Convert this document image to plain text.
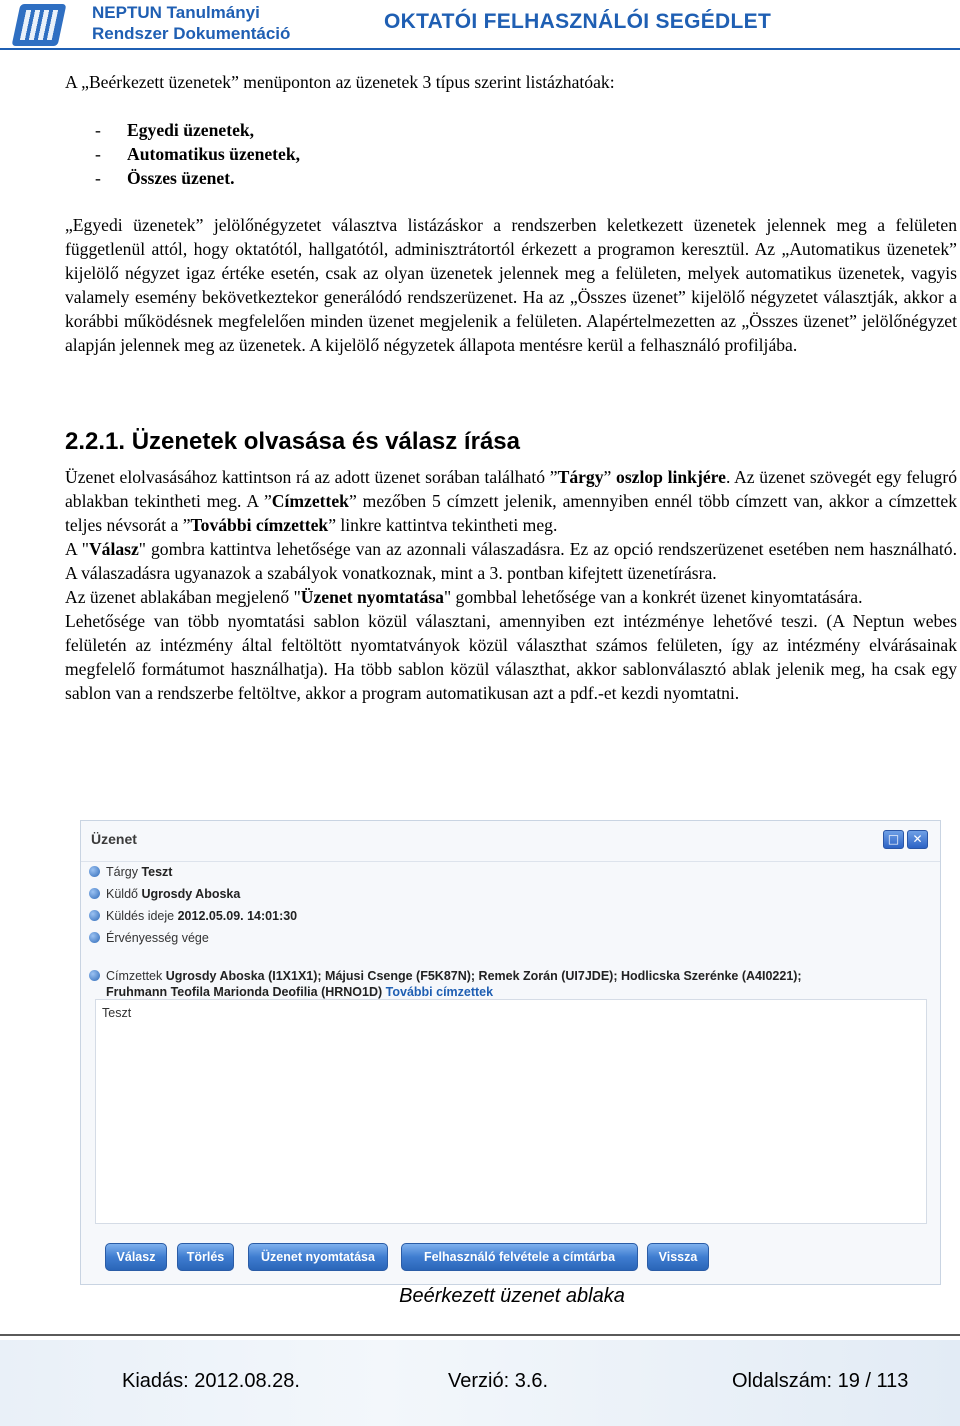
NEPTUN Tanulmányi
Rendszer Dokumentáció
OKTATÓI FELHASZNÁLÓI SEGÉDLET
A „Beérkezett üzenetek” menüponton az üzenetek 3 típus szerint listázhatóak:
- Egyedi üzenetek,
- Automatikus üzenetek,
- Összes üzenet.
„Egyedi üzenetek” jelölőnégyzetet választva listázáskor a rendszerben keletkezett üzenetek jelennek meg a felületen függetlenül attól, hogy oktatótól, hallgatótól, adminisztrátortól érkezett a programon keresztül. Az „Automatikus üzenetek” kijelölő négyzet igaz értéke esetén, csak az olyan üzenetek jelennek meg a felületen, melyek automatikus üzenetek, vagyis valamely esemény bekövetkeztekor generálódó rendszerüzenet. Ha az „Összes üzenet” kijelölő négyzetet választják, akkor a korábbi működésnek megfelelően minden üzenet megjelenik a felületen. Alapértelmezetten az „Összes üzenet” jelölőnégyzet alapján jelennek meg az üzenetek. A kijelölő négyzetek állapota mentésre kerül a felhasználó profiljába.
2.2.1. Üzenetek olvasása és válasz írása
Üzenet elolvasásához kattintson rá az adott üzenet sorában található ”Tárgy” oszlop linkjére. Az üzenet szövegét egy felugró ablakban tekintheti meg. A ”Címzettek” mezőben 5 címzett jelenik, amennyiben ennél több címzett van, akkor a címzettek teljes névsorát a ”További címzettek” linkre kattintva tekintheti meg.
A "Válasz" gombra kattintva lehetősége van az azonnali válaszadásra. Ez az opció rendszerüzenet esetében nem használható. A válaszadásra ugyanazok a szabályok vonatkoznak, mint a 3. pontban kifejtett üzenetírásra.
Az üzenet ablakában megjelenő "Üzenet nyomtatása" gombbal lehetősége van a konkrét üzenet kinyomtatására.
Lehetősége van több nyomtatási sablon közül választani, amennyiben ezt intézménye lehetővé teszi. (A Neptun webes felületén az intézmény által feltöltött nyomtatványok közül választhat számos felületen, így az intézmény elvárásainak megfelelő formátumot használhatja). Ha több sablon közül választhat, akkor sablonválasztó ablak jelenik meg, ha csak egy sablon van a rendszerbe feltöltve, akkor a program automatikusan azt a pdf.-et kezdi nyomtatni.
Üzenet	□	✕
Tárgy Teszt
Küldő Ugrosdy Aboska
Küldés ideje 2012.05.09. 14:01:30
Érvényesség vége
Címzettek Ugrosdy Aboska (I1X1X1); Májusi Csenge (F5K87N); Remek Zorán (UI7JDE); Hodlicska Szerénke (A4I0221);
Fruhmann Teofila Marionda Deofilia (HRNO1D) További címzettek
Teszt
Válasz	Törlés	Üzenet nyomtatása	Felhasználó felvétele a címtárba	Vissza
Beérkezett üzenet ablaka
Kiadás: 2012.08.28.	Verzió: 3.6.	Oldalszám: 19 / 113
